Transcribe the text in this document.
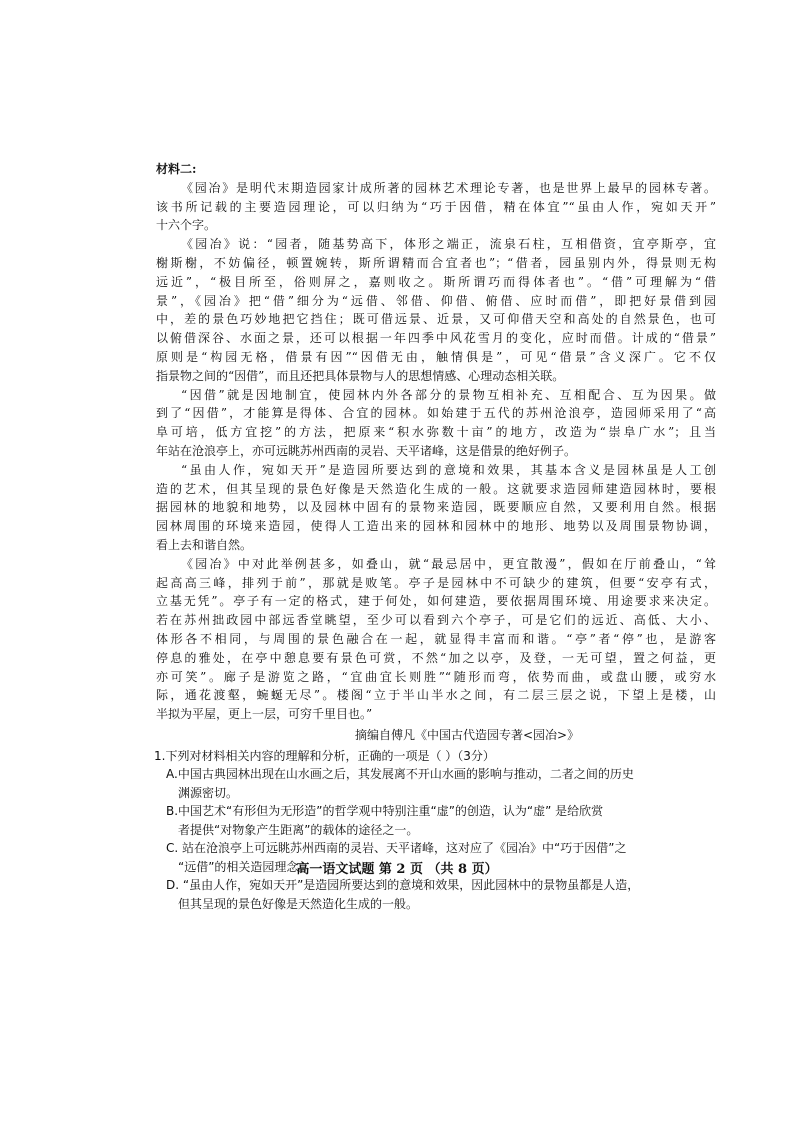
材料二:
《园冶》是明代末期造园家计成所著的园林艺术理论专著，也是世界上最早的园林专著。
该书所记载的主要造园理论，可以归纳为“巧于因借，精在体宜”“虽由人作，宛如天开”
十六个字。
《园冶》说：“园者，随基势高下，体形之端正，流泉石柱，互相借资，宜亭斯亭，宜
榭斯榭，不妨偏径，顿置婉转，斯所谓精而合宜者也”；“借者，园虽别内外，得景则无构
远近”，“极目所至，俗则屏之，嘉则收之。斯所谓巧而得体者也”。“借”可理解为“借
景”，《园冶》把“借”细分为“远借、邻借、仰借、俯借、应时而借”，即把好景借到园
中，差的景色巧妙地把它挡住；既可借远景、近景，又可仰借天空和高处的自然景色，也可
以俯借深谷、水面之景，还可以根据一年四季中风花雪月的变化，应时而借。计成的“借景”
原则是“构园无格，借景有因”“因借无由，触情俱是”，可见“借景”含义深广。它不仅
指景物之间的“因借”，而且还把具体景物与人的思想情感、心理动态相关联。
“因借”就是因地制宜，使园林内外各部分的景物互相补充、互相配合、互为因果。做
到了“因借”，才能算是得体、合宜的园林。如始建于五代的苏州沧浪亭，造园师采用了“高
阜可培，低方宜挖”的方法，把原来“积水弥数十亩”的地方，改造为“崇阜广水”；且当
年站在沧浪亭上，亦可远眺苏州西南的灵岩、天平诸峰，这是借景的绝好例子。
“虽由人作，宛如天开”是造园所要达到的意境和效果，其基本含义是园林虽是人工创
造的艺术，但其呈现的景色好像是天然造化生成的一般。这就要求造园师建造园林时，要根
据园林的地貌和地势，以及园林中固有的景物来造园，既要顺应自然，又要利用自然。根据
园林周围的环境来造园，使得人工造出来的园林和园林中的地形、地势以及周围景物协调，
看上去和谐自然。
《园冶》中对此举例甚多，如叠山，就“最忌居中，更宜散漫”，假如在厅前叠山，“耸
起高高三峰，排列于前”，那就是败笔。亭子是园林中不可缺少的建筑，但要“安亭有式，
立基无凭”。亭子有一定的格式，建于何处，如何建造，要依据周围环境、用途要求来决定。
若在苏州拙政园中部远香堂眺望，至少可以看到六个亭子，可是它们的远近、高低、大小、
体形各不相同，与周围的景色融合在一起，就显得丰富而和谐。“亭”者“停”也，是游客
停息的雅处，在亭中憩息要有景色可赏，不然“加之以亭，及登，一无可望，置之何益，更
亦可笑”。廊子是游览之路，“宜曲宜长则胜”“随形而弯，依势而曲，或盘山腰，或穷水
际，通花渡壑，蜿蜒无尽”。楼阁“立于半山半水之间，有二层三层之说，下望上是楼，山
半拟为平屋，更上一层，可穷千里目也。”
摘编自傅凡《中国古代造园专著<园冶>》
1.下列对材料相关内容的理解和分析，正确的一项是（ ）（3分）
A.中国古典园林出现在山水画之后，其发展离不开山水画的影响与推动，二者之间的历史
渊源密切。
B.中国艺术“有形但为无形造”的哲学观中特别注重“虚”的创造，认为“虚” 是给欣赏
者提供“对物象产生距离”的载体的途径之一。
C. 站在沧浪亭上可远眺苏州西南的灵岩、天平诸峰，这对应了《园冶》中“巧于因借”之
“远借”的相关造园理念。
D. “虽由人作，宛如天开”是造园所要达到的意境和效果，因此园林中的景物虽都是人造，
但其呈现的景色好像是天然造化生成的一般。
高一语文试题 第 2 页 （共 8 页）
